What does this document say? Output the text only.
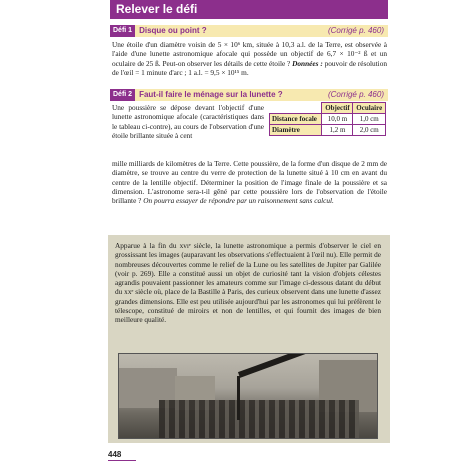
Relever le défi
Défi 1 Disque ou point ?	(Corrigé p. 460)
Une étoile d'un diamètre voisin de 5 × 10⁶ km, située à 10,3 a.l. de la Terre, est observée à l'aide d'une lunette astronomique afocale qui possède un objectif de 6,7 × 10⁻² ß et un oculaire de 25 ß. Peut-on observer les détails de cette étoile ? Données : pouvoir de résolution de l'œil = 1 minute d'arc ; 1 a.l. = 9,5 × 10¹⁵ m.
Défi 2 Faut-il faire le ménage sur la lunette ?	(Corrigé p. 460)
Une poussière se dépose devant l'objectif d'une lunette astronomique afocale (caractéristiques dans le tableau ci-contre), au cours de l'observation d'une étoile brillante située à cent
	Objectif	Oculaire
Distance focale	10,0 m	1,0 cm
Diamètre	1,2 m	2,0 cm
mille milliards de kilomètres de la Terre. Cette poussière, de la forme d'un disque de 2 mm de diamètre, se trouve au centre du verre de protection de la lunette situé à 10 cm en avant du centre de la lentille objectif. Déterminer la position de l'image finale de la poussière et sa dimension. L'astronome sera-t-il gêné par cette poussière lors de l'observation de l'étoile brillante ? On pourra essayer de répondre par un raisonnement sans calcul.
Apparue à la fin du xvɪᵉ siècle, la lunette astronomique a permis d'observer le ciel en grossissant les images (auparavant les observations s'effectuaient à l'œil nu). Elle permit de nombreuses découvertes comme le relief de la Lune ou les satellites de Jupiter par Galilée (voir p. 269). Elle a constitué aussi un objet de curiosité tant la vision d'objets célestes agrandis pouvaient passionner les amateurs comme sur l'image ci-dessous datant du début du xxᵉ siècle où, place de la Bastille à Paris, des curieux observent dans une lunette d'assez grandes dimensions. Elle est peu utilisée aujourd'hui par les astronomes qui lui préfèrent le télescope, constitué de miroirs et non de lentilles, et qui fournit des images de bien meilleure qualité.
448
